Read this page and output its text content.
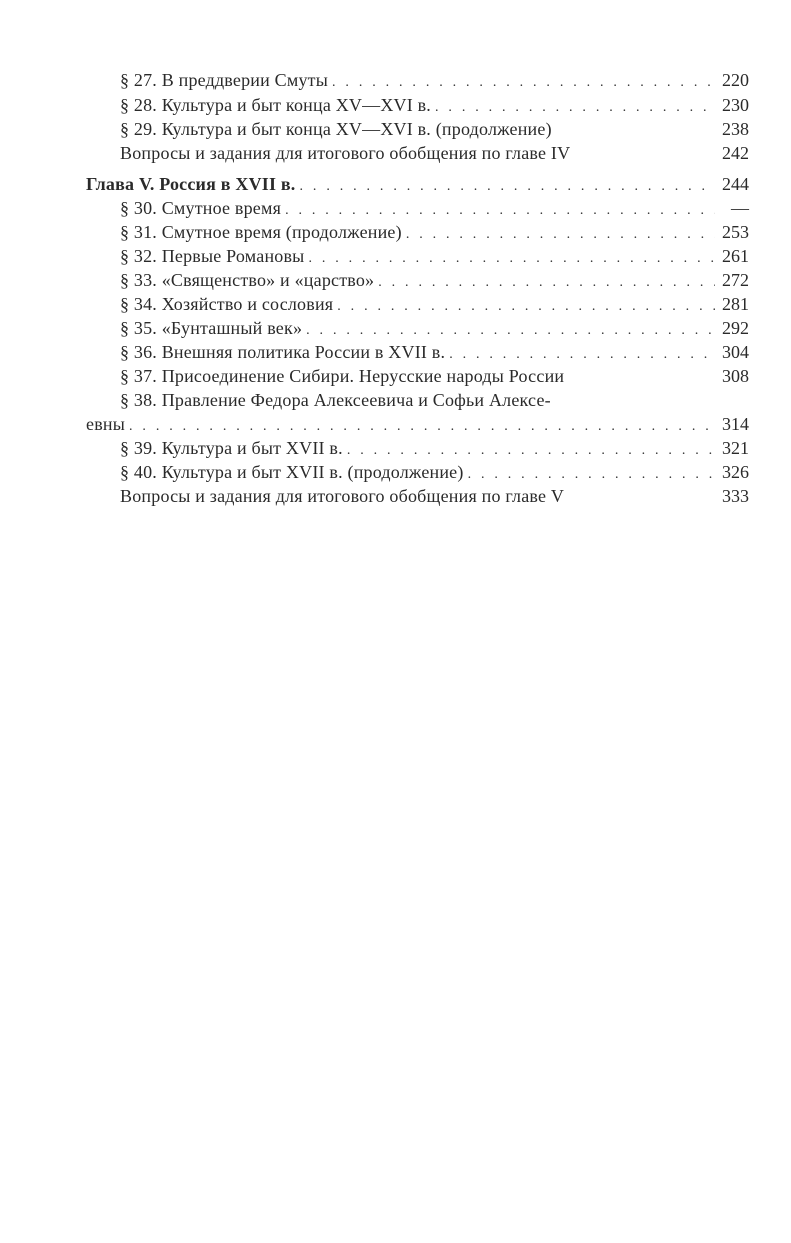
§ 27. В преддверии Смуты . . .	220
§ 28. Культура и быт конца XV—XVI в. . . .	230
§ 29. Культура и быт конца XV—XVI в. (продолжение)	238
Вопросы и задания для итогового обобщения по главе IV	242
Глава V. Россия в XVII в. . . .	244
§ 30. Смутное время . . .	—
§ 31. Смутное время (продолжение) . . .	253
§ 32. Первые Романовы . . .	261
§ 33. «Священство» и «царство» . . .	272
§ 34. Хозяйство и сословия . . .	281
§ 35. «Бунташный век» . . .	292
§ 36. Внешняя политика России в XVII в. . . .	304
§ 37. Присоединение Сибири. Нерусские народы России	308
§ 38. Правление Федора Алексеевича и Софьи Алексе-
евны . . .	314
§ 39. Культура и быт XVII в. . . .	321
§ 40. Культура и быт XVII в. (продолжение) . . .	326
Вопросы и задания для итогового обобщения по главе V	333
